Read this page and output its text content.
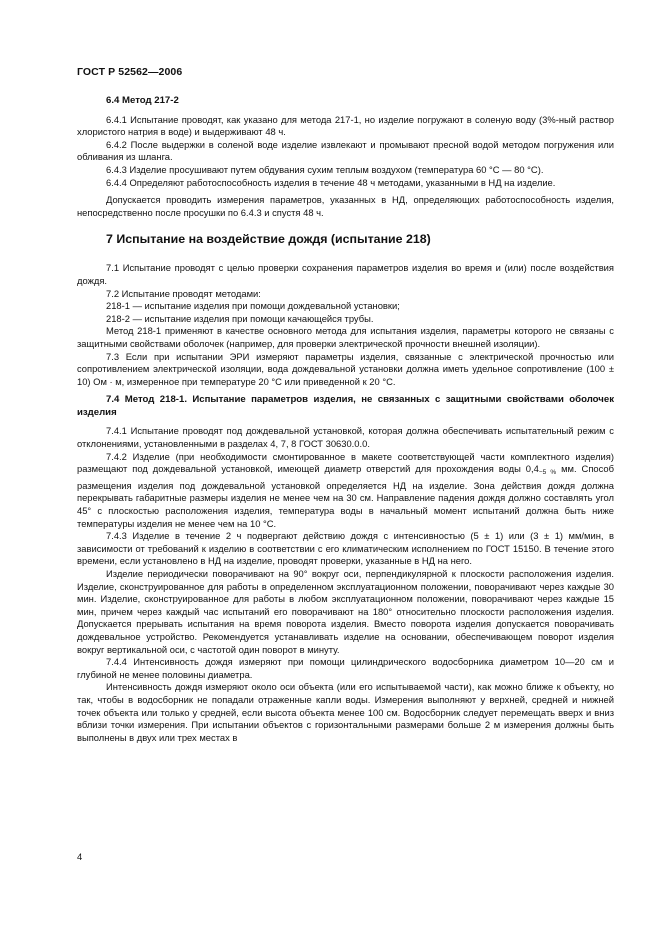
ГОСТ Р 52562—2006

6.4 Метод 217-2

6.4.1 Испытание проводят, как указано для метода 217-1, но изделие погружают в соленую воду (3%-ный раствор хлористого натрия в воде) и выдерживают 48 ч.

6.4.2 После выдержки в соленой воде изделие извлекают и промывают пресной водой методом погружения или обливания из шланга.

6.4.3 Изделие просушивают путем обдувания сухим теплым воздухом (температура 60 °С — 80 °С).

6.4.4 Определяют работоспособность изделия в течение 48 ч методами, указанными в НД на изделие.

Допускается проводить измерения параметров, указанных в НД, определяющих работоспособность изделия, непосредственно после просушки по 6.4.3 и спустя 48 ч.

7 Испытание на воздействие дождя (испытание 218)

7.1 Испытание проводят с целью проверки сохранения параметров изделия во время и (или) после воздействия дождя.

7.2 Испытание проводят методами:

218-1 — испытание изделия при помощи дождевальной установки;

218-2 — испытание изделия при помощи качающейся трубы.

Метод 218-1 применяют в качестве основного метода для испытания изделия, параметры которого не связаны с защитными свойствами оболочек (например, для проверки электрической прочности внешней изоляции).

7.3 Если при испытании ЭРИ измеряют параметры изделия, связанные с электрической прочностью или сопротивлением электрической изоляции, вода дождевальной установки должна иметь удельное сопротивление (100 ± 10) Ом · м, измеренное при температуре 20 °С или приведенной к 20 °С.

7.4 Метод 218-1. Испытание параметров изделия, не связанных с защитными свойствами оболочек изделия

7.4.1 Испытание проводят под дождевальной установкой, которая должна обеспечивать испытательный режим с отклонениями, установленными в разделах 4, 7, 8 ГОСТ 30630.0.0.

7.4.2 Изделие (при необходимости смонтированное в макете соответствующей части комплектного изделия) размещают под дождевальной установкой, имеющей диаметр отверстий для прохождения воды $0,4_{-5 \%}$ мм. Способ размещения изделия под дождевальной установкой определяется НД на изделие. Зона действия дождя должна перекрывать габаритные размеры изделия не менее чем на 30 см. Направление падения дождя должно составлять угол 45° с плоскостью расположения изделия, температура воды в начальный момент испытаний должна быть ниже температуры изделия не менее чем на 10 °С.

7.4.3 Изделие в течение 2 ч подвергают действию дождя с интенсивностью (5 ± 1) или (3 ± 1) мм/мин, в зависимости от требований к изделию в соответствии с его климатическим исполнением по ГОСТ 15150. В течение этого времени, если установлено в НД на изделие, проводят проверки, указанные в НД на него.

Изделие периодически поворачивают на 90° вокруг оси, перпендикулярной к плоскости расположения изделия. Изделие, сконструированное для работы в определенном эксплуатационном положении, поворачивают через каждые 30 мин. Изделие, сконструированное для работы в любом эксплуатационном положении, поворачивают через каждые 15 мин, причем через каждый час испытаний его поворачивают на 180° относительно плоскости расположения изделия. Допускается прерывать испытания на время поворота изделия. Вместо поворота изделия допускается поворачивать дождевальное устройство. Рекомендуется устанавливать изделие на основании, обеспечивающем поворот изделия вокруг вертикальной оси, с частотой один поворот в минуту.

7.4.4 Интенсивность дождя измеряют при помощи цилиндрического водосборника диаметром 10—20 см и глубиной не менее половины диаметра.

Интенсивность дождя измеряют около оси объекта (или его испытываемой части), как можно ближе к объекту, но так, чтобы в водосборник не попадали отраженные капли воды. Измерения выполняют у верхней, средней и нижней точек объекта или только у средней, если высота объекта менее 100 см. Водосборник следует перемещать вверх и вниз вблизи точки измерения. При испытании объектов с горизонтальными размерами больше 2 м измерения должны быть выполнены в двух или трех местах в

4
